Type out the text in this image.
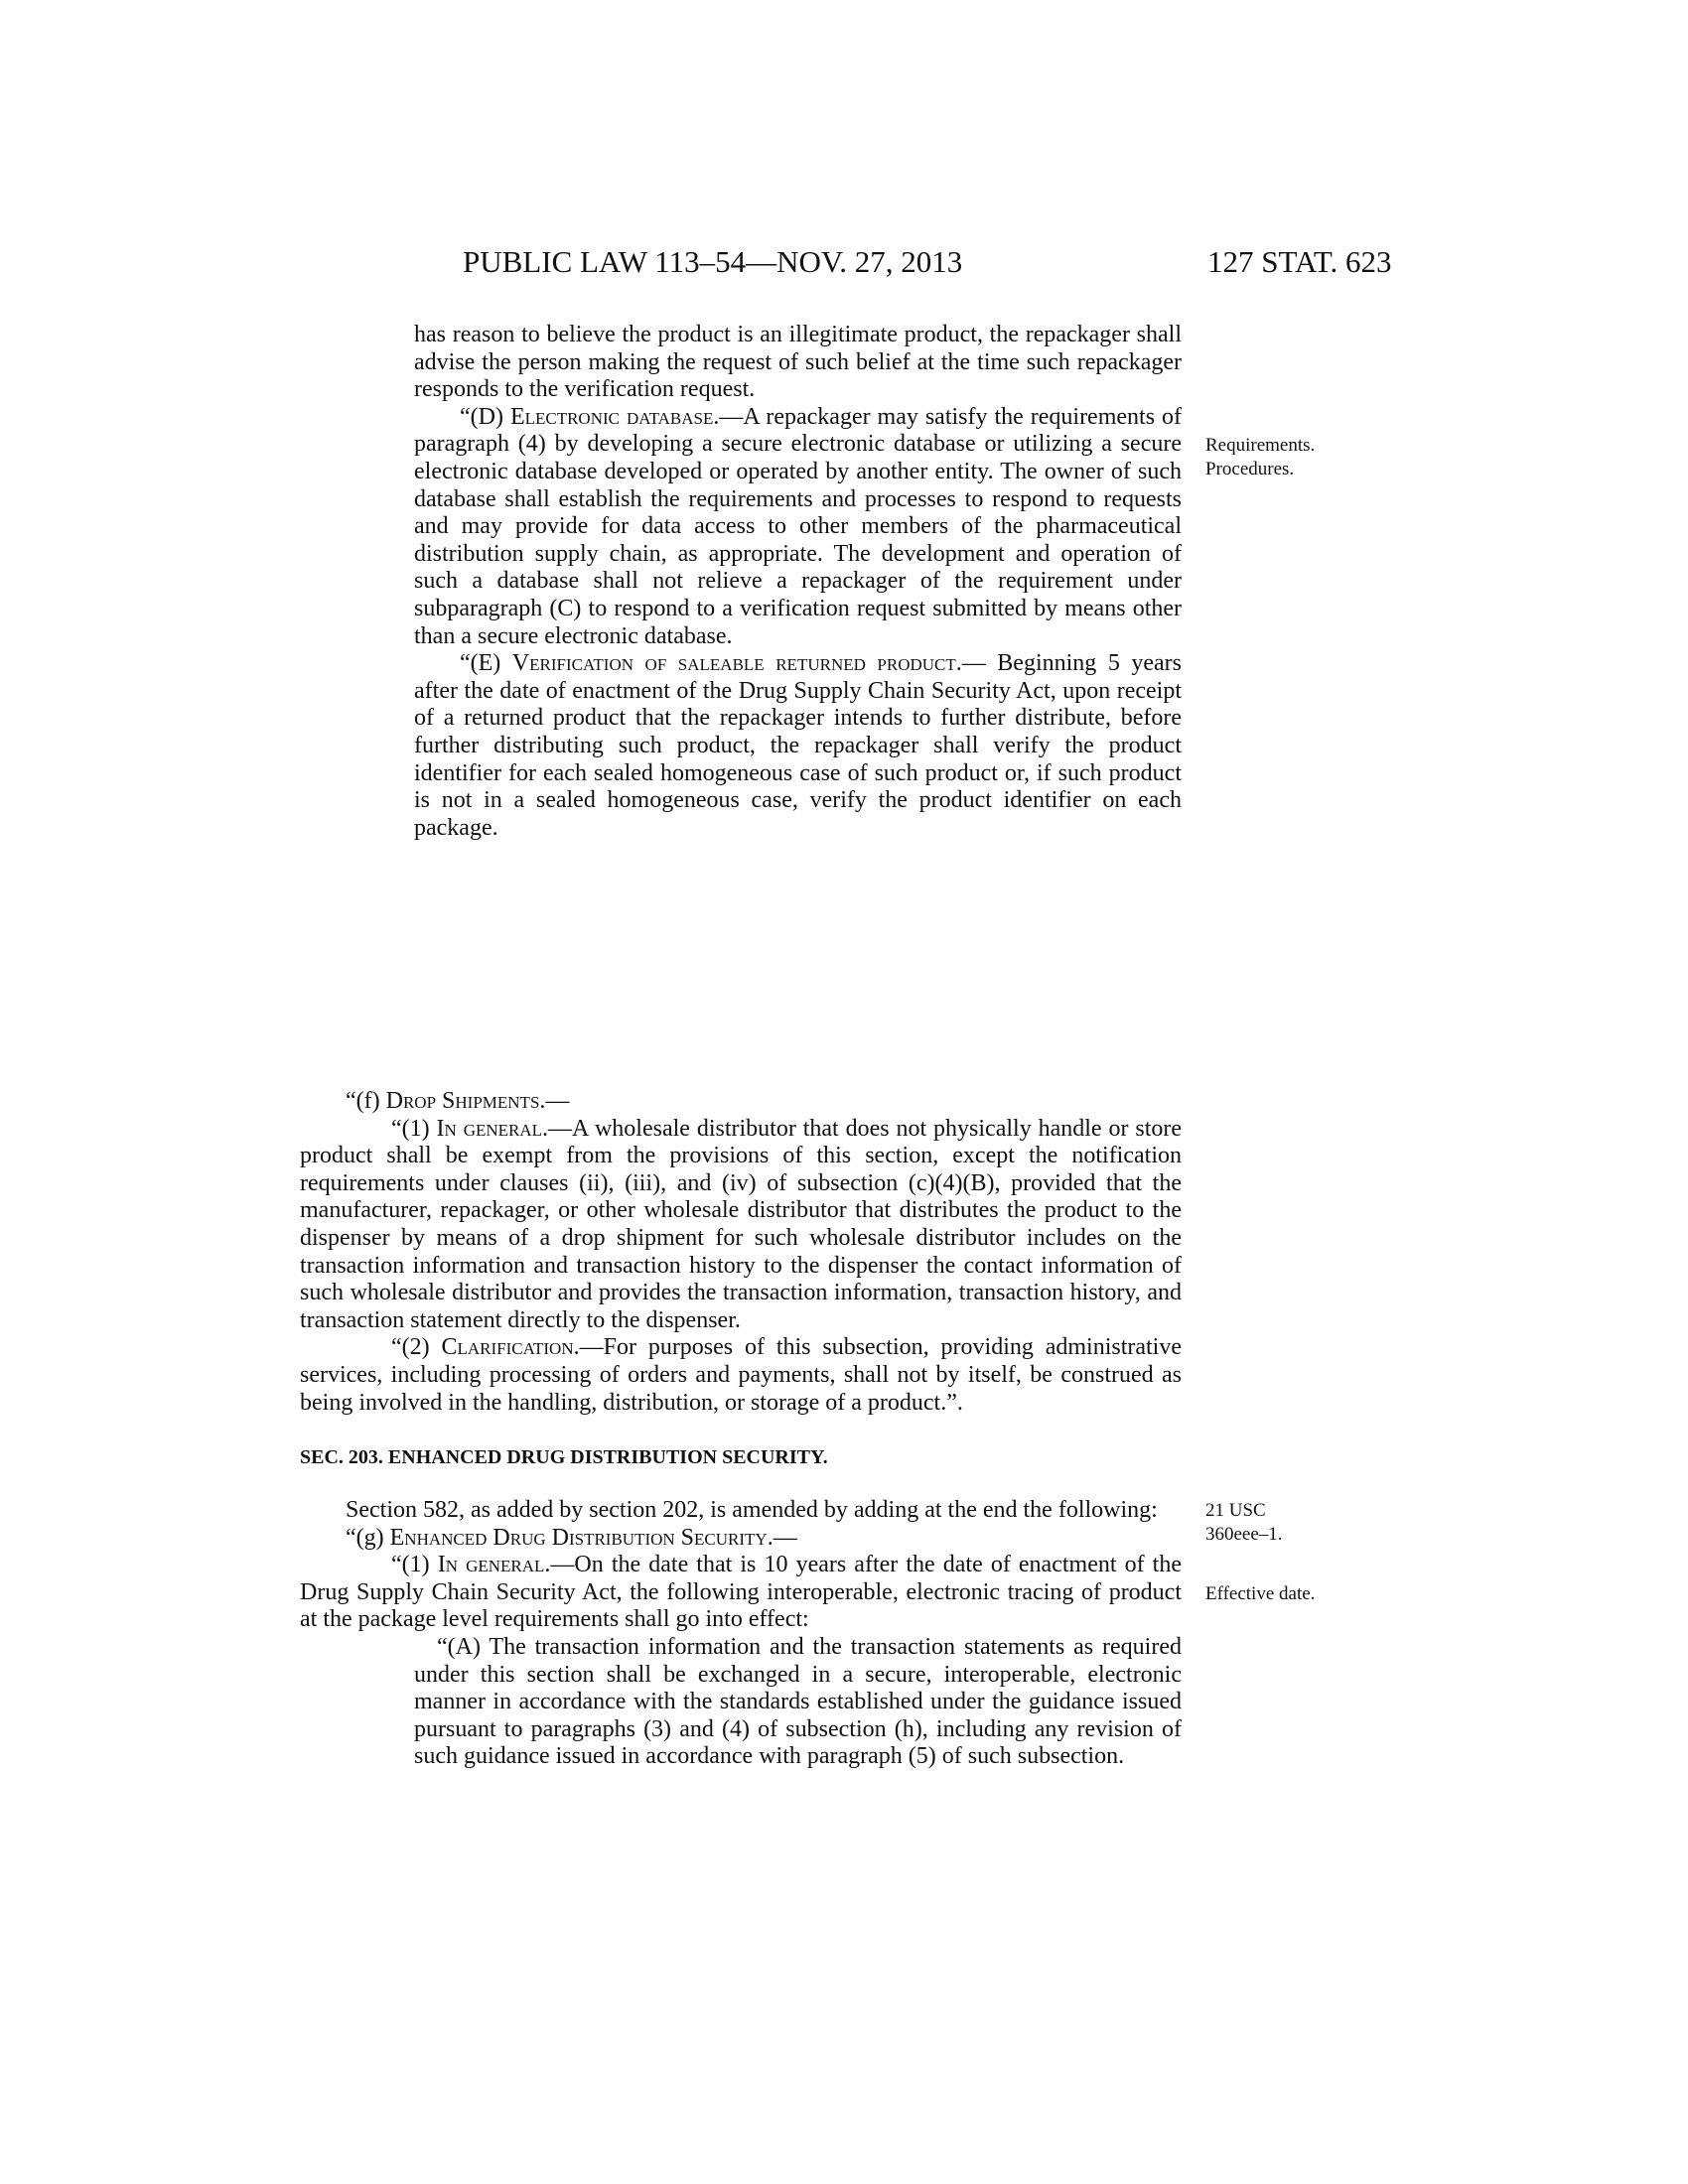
PUBLIC LAW 113–54—NOV. 27, 2013	127 STAT. 623
Requirements.
Procedures.
21 USC
360eee–1.
Effective date.

has reason to believe the product is an illegitimate product, the repackager shall advise the person making the request of such belief at the time such repackager responds to the verification request.

“(D) Electronic database.—A repackager may satisfy the requirements of paragraph (4) by developing a secure electronic database or utilizing a secure electronic database developed or operated by another entity. The owner of such database shall establish the requirements and processes to respond to requests and may provide for data access to other members of the pharmaceutical distribution supply chain, as appropriate. The development and operation of such a database shall not relieve a repackager of the requirement under subparagraph (C) to respond to a verification request submitted by means other than a secure electronic database.

“(E) Verification of saleable returned product.— Beginning 5 years after the date of enactment of the Drug Supply Chain Security Act, upon receipt of a returned product that the repackager intends to further distribute, before further distributing such product, the repackager shall verify the product identifier for each sealed homogeneous case of such product or, if such product is not in a sealed homogeneous case, verify the product identifier on each package.

“(f) Drop Shipments.—

“(1) In general.—A wholesale distributor that does not physically handle or store product shall be exempt from the provisions of this section, except the notification requirements under clauses (ii), (iii), and (iv) of subsection (c)(4)(B), provided that the manufacturer, repackager, or other wholesale distributor that distributes the product to the dispenser by means of a drop shipment for such wholesale distributor includes on the transaction information and transaction history to the dispenser the contact information of such wholesale distributor and provides the transaction information, transaction history, and transaction statement directly to the dispenser.

“(2) Clarification.—For purposes of this subsection, providing administrative services, including processing of orders and payments, shall not by itself, be construed as being involved in the handling, distribution, or storage of a product.”.

SEC. 203. ENHANCED DRUG DISTRIBUTION SECURITY.

Section 582, as added by section 202, is amended by adding at the end the following:

“(g) Enhanced Drug Distribution Security.—

“(1) In general.—On the date that is 10 years after the date of enactment of the Drug Supply Chain Security Act, the following interoperable, electronic tracing of product at the package level requirements shall go into effect:

“(A) The transaction information and the transaction statements as required under this section shall be exchanged in a secure, interoperable, electronic manner in accordance with the standards established under the guidance issued pursuant to paragraphs (3) and (4) of subsection (h), including any revision of such guidance issued in accordance with paragraph (5) of such subsection.
